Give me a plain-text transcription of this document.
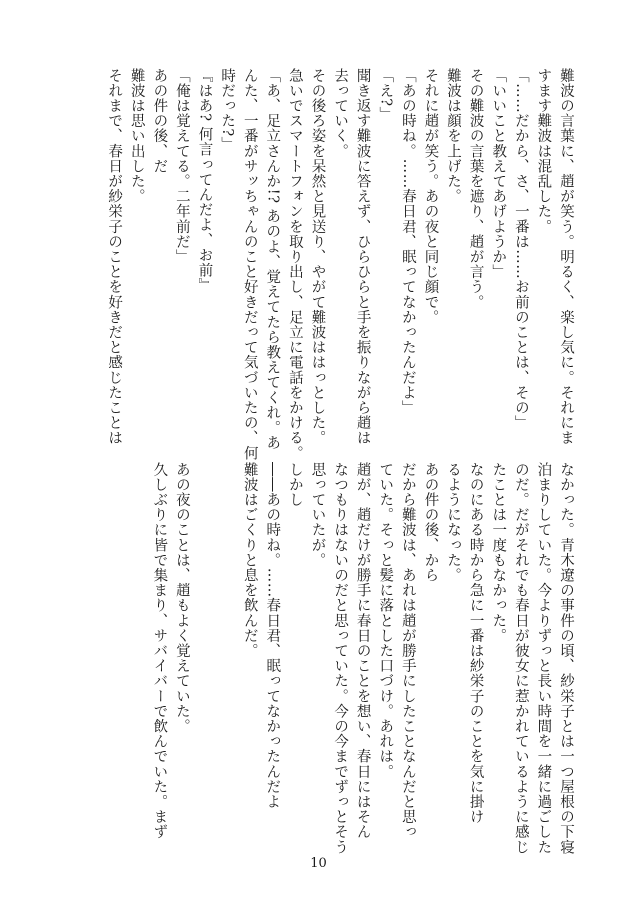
難波の言葉に、趙が笑う。明るく、楽し気に。それにま

すます難波は混乱した。

「……だから、さ、一番は……お前のことは、その」

「いいこと教えてあげようか」

その難波の言葉を遮り、趙が言う。

難波は顔を上げた。

それに趙が笑う。あの夜と同じ顔で。

「あの時ね。……春日君、眠ってなかったんだよ」

「え?」

聞き返す難波に答えず、ひらひらと手を振りながら趙は

去っていく。

その後ろ姿を呆然と見送り、やがて難波ははっとした。

急いでスマートフォンを取り出し、足立に電話をかける。

「あ、足立さんか!? あのよ、覚えてたら教えてくれ。あ

んた、一番がサッちゃんのこと好きだって気づいたの、何

時だった?」

『はあ? 何言ってんだよ、お前』

「俺は覚えてる。二年前だ」

あの件の後、だ

難波は思い出した。

それまで、春日が紗栄子のことを好きだと感じたことは

なかった。青木遼の事件の頃、紗栄子とは一つ屋根の下寝

泊まりしていた。今よりずっと長い時間を一緒に過ごした

のだ。だがそれでも春日が彼女に惹かれているように感じ

たことは一度もなかった。

なのにある時から急に一番は紗栄子のことを気に掛け

るようになった。

あの件の後、から

だから難波は、あれは趙が勝手にしたことなんだと思っ

ていた。そっと髪に落とした口づけ。あれは。

趙が、趙だけが勝手に春日のことを想い、春日にはそん

なつもりはないのだと思っていた。今の今までずっとそう

思っていたが。

しかし

――あの時ね。……春日君、眠ってなかったんだよ

難波はごくりと息を飲んだ。

あの夜のことは、趙もよく覚えていた。

久しぶりに皆で集まり、サバイバーで飲んでいた。まず

10
